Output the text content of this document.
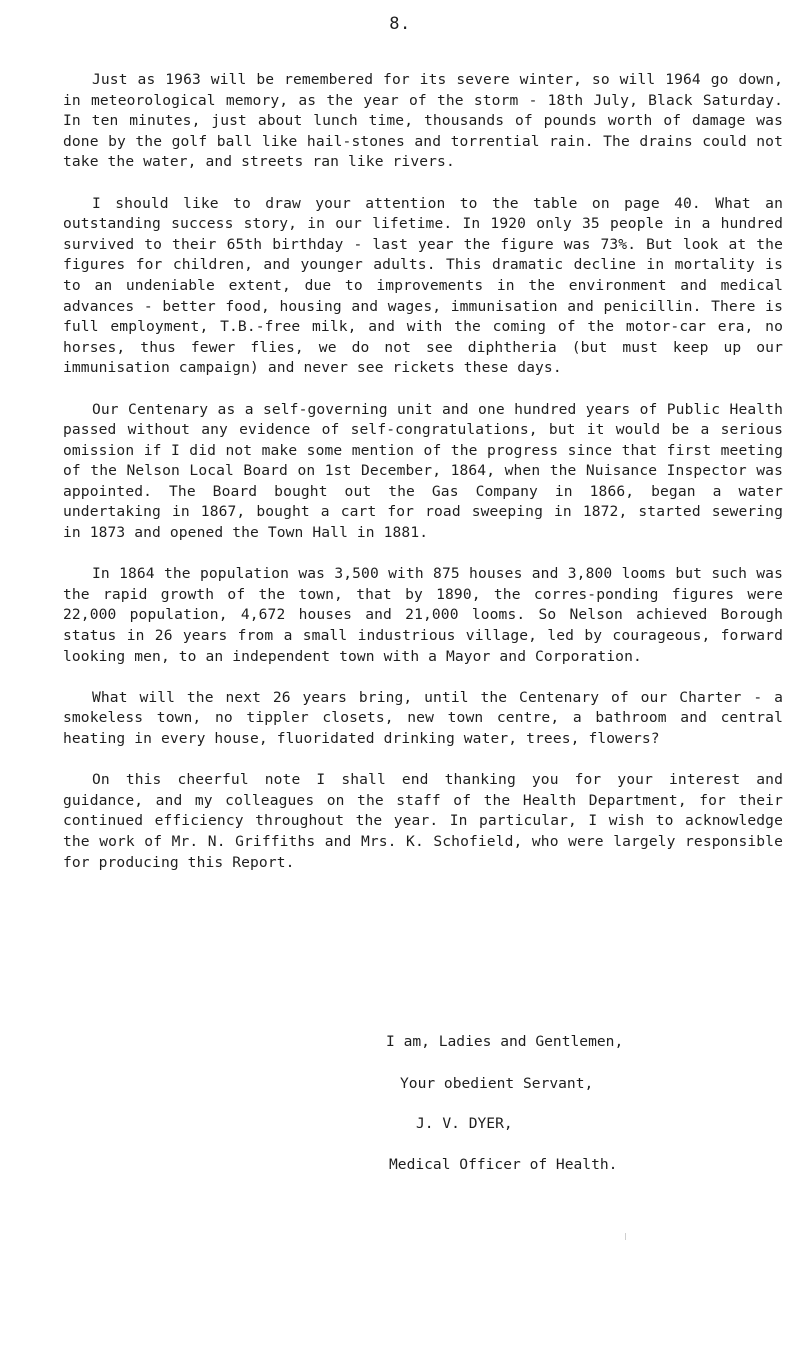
8.

Just as 1963 will be remembered for its severe winter, so will 1964 go down, in meteorological memory, as the year of the storm - 18th July, Black Saturday. In ten minutes, just about lunch time, thousands of pounds worth of damage was done by the golf ball like hail-stones and torrential rain. The drains could not take the water, and streets ran like rivers.

I should like to draw your attention to the table on page 40. What an outstanding success story, in our lifetime. In 1920 only 35 people in a hundred survived to their 65th birthday - last year the figure was 73%. But look at the figures for children, and younger adults. This dramatic decline in mortality is to an undeniable extent, due to improvements in the environment and medical advances - better food, housing and wages, immunisation and penicillin. There is full employment, T.B.-free milk, and with the coming of the motor-car era, no horses, thus fewer flies, we do not see diphtheria (but must keep up our immunisation campaign) and never see rickets these days.

Our Centenary as a self-governing unit and one hundred years of Public Health passed without any evidence of self-congratulations, but it would be a serious omission if I did not make some mention of the progress since that first meeting of the Nelson Local Board on 1st December, 1864, when the Nuisance Inspector was appointed. The Board bought out the Gas Company in 1866, began a water undertaking in 1867, bought a cart for road sweeping in 1872, started sewering in 1873 and opened the Town Hall in 1881.

In 1864 the population was 3,500 with 875 houses and 3,800 looms but such was the rapid growth of the town, that by 1890, the corres-ponding figures were 22,000 population, 4,672 houses and 21,000 looms. So Nelson achieved Borough status in 26 years from a small industrious village, led by courageous, forward looking men, to an independent town with a Mayor and Corporation.

What will the next 26 years bring, until the Centenary of our Charter - a smokeless town, no tippler closets, new town centre, a bathroom and central heating in every house, fluoridated drinking water, trees, flowers?

On this cheerful note I shall end thanking you for your interest and guidance, and my colleagues on the staff of the Health Department, for their continued efficiency throughout the year. In particular, I wish to acknowledge the work of Mr. N. Griffiths and Mrs. K. Schofield, who were largely responsible for producing this Report.

I am, Ladies and Gentlemen,
Your obedient Servant,
J. V. DYER,
Medical Officer of Health.
